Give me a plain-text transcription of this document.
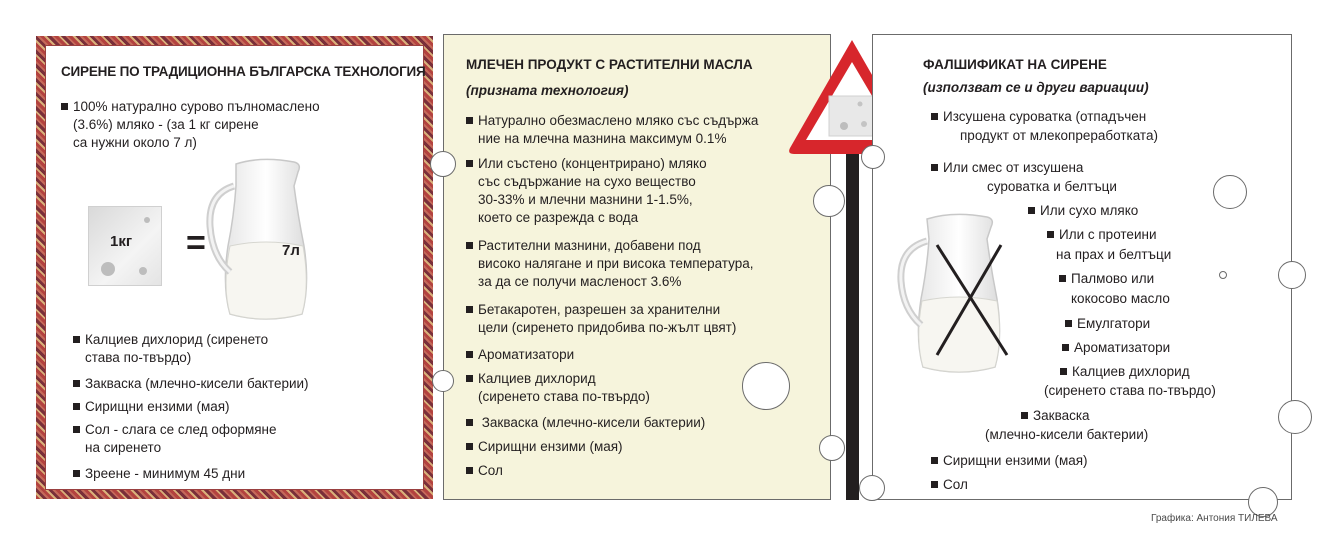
СИРЕНЕ ПО ТРАДИЦИОННА БЪЛГАРСКА ТЕХНОЛОГИЯ
100% натурално сурово пълномаслено
(3.6%) мляко - (за 1 кг сирене
са нужни около 7 л)
1кг =	7л
Калциев дихлорид (сиренето
става по-твърдо)
Закваска (млечно-кисели бактерии)
Сирищни ензими (мая)
Сол - слага се след оформяне
на сиренето
Зреене - минимум 45 дни
МЛЕЧЕН ПРОДУКТ С РАСТИТЕЛНИ МАСЛА
(призната технология)
Натурално обезмаслено мляко със съдържа
ние на млечна мазнина максимум 0.1%
Или състено (концентрирано) мляко
със съдържание на сухо вещество
30-33% и млечни мазнини 1-1.5%,
което се разрежда с вода
Растителни мазнини, добавени под
високо налягане и при висока температура,
за да се получи масленост 3.6%
Бетакаротен, разрешен за хранителни
цели (сиренето придобива по-жълт цвят)
Ароматизатори
Калциев дихлорид
(сиренето става по-твърдо)
Закваска (млечно-кисели бактерии)
Сирищни ензими (мая)
Сол
ФАЛШИФИКАТ НА СИРЕНЕ
(използват се и други вариации)
Изсушена суроватка (отпадъчен
продукт от млекопреработката)
Или смес от изсушена
суроватка и белтъци
Или сухо мляко
Или с протеини
на прах и белтъци
Палмово или
кокосово масло
Емулгатори
Ароматизатори
Калциев дихлорид
(сиренето става по-твърдо)
Закваска
(млечно-кисели бактерии)
Сирищни ензими (мая)
Сол
Графика: Антония ТИЛЕВА
